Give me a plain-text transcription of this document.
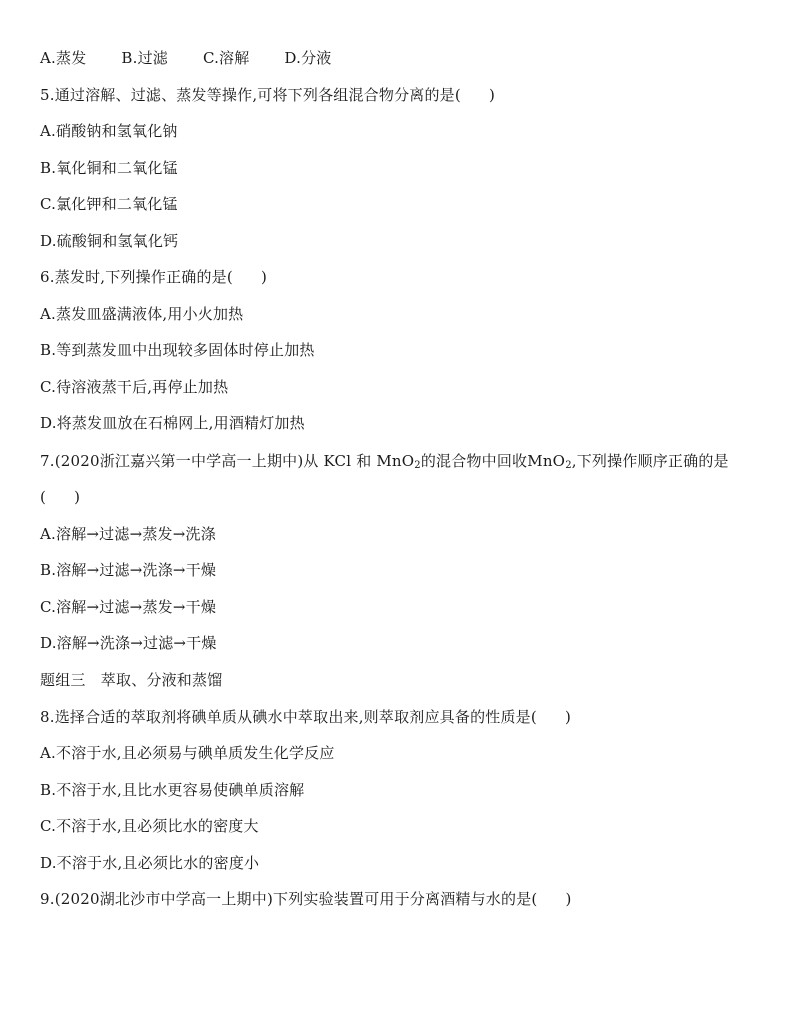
A.蒸发 B.过滤 C.溶解 D.分液
5.通过溶解、过滤、蒸发等操作,可将下列各组混合物分离的是( )
A.硝酸钠和氢氧化钠
B.氧化铜和二氧化锰
C.氯化钾和二氧化锰
D.硫酸铜和氢氧化钙
6.蒸发时,下列操作正确的是( )
A.蒸发皿盛满液体,用小火加热
B.等到蒸发皿中出现较多固体时停止加热
C.待溶液蒸干后,再停止加热
D.将蒸发皿放在石棉网上,用酒精灯加热
7.(2020浙江嘉兴第一中学高一上期中)从 KCl 和 MnO$_2$的混合物中回收MnO$_2$,下列操作顺序正确的是
( )
A.溶解→过滤→蒸发→洗涤
B.溶解→过滤→洗涤→干燥
C.溶解→过滤→蒸发→干燥
D.溶解→洗涤→过滤→干燥
题组三　萃取、分液和蒸馏
8.选择合适的萃取剂将碘单质从碘水中萃取出来,则萃取剂应具备的性质是( )
A.不溶于水,且必须易与碘单质发生化学反应
B.不溶于水,且比水更容易使碘单质溶解
C.不溶于水,且必须比水的密度大
D.不溶于水,且必须比水的密度小
9.(2020湖北沙市中学高一上期中)下列实验装置可用于分离酒精与水的是( )
